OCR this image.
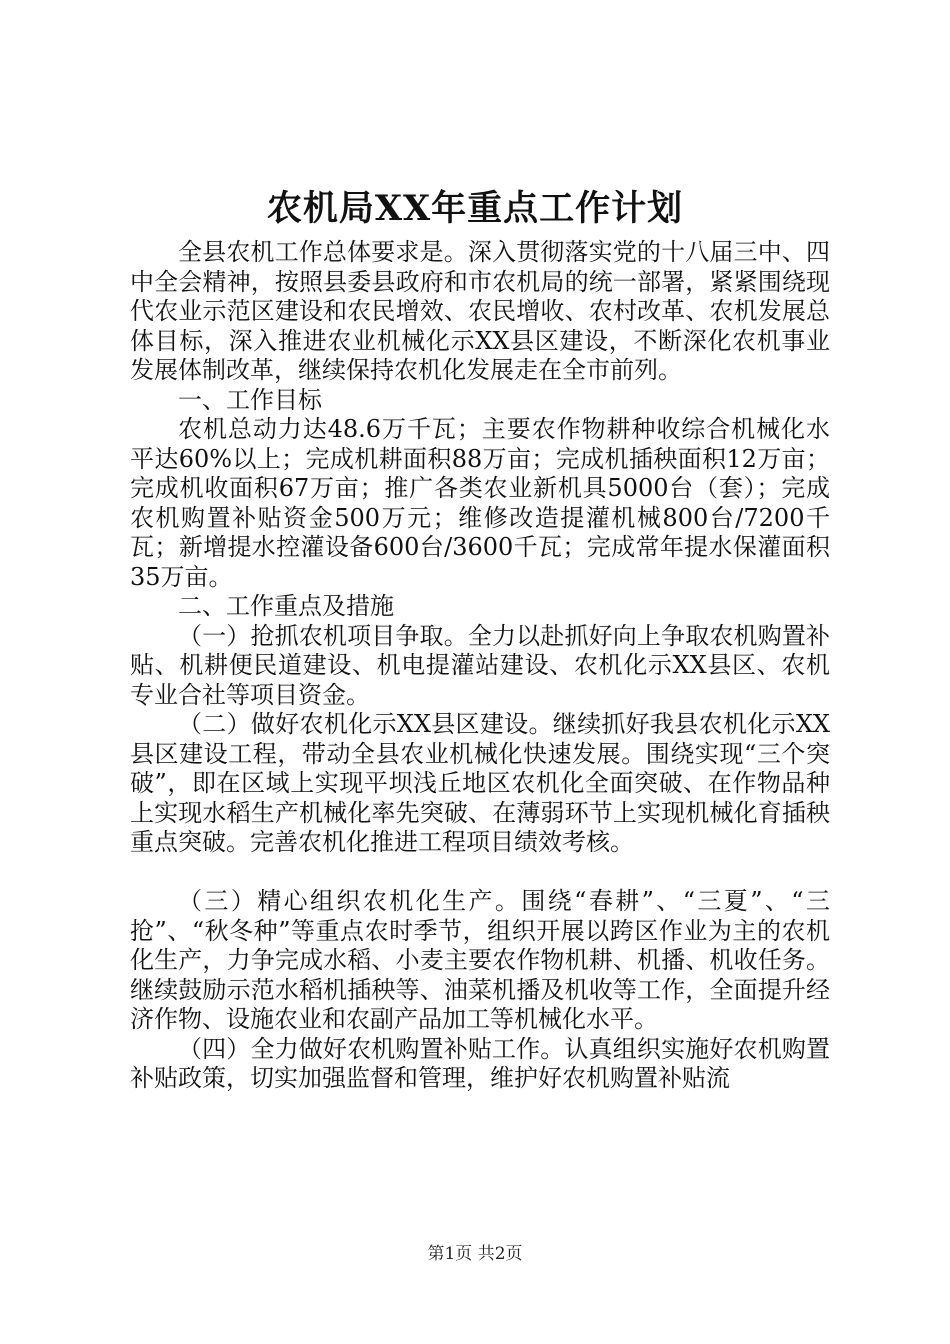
农机局XX年重点工作计划

全县农机工作总体要求是。深入贯彻落实党的十八届三中、四中全会精神，按照县委县政府和市农机局的统一部署，紧紧围绕现代农业示范区建设和农民增效、农民增收、农村改革、农机发展总体目标，深入推进农业机械化示XX县区建设，不断深化农机事业发展体制改革，继续保持农机化发展走在全市前列。

一、工作目标

农机总动力达48.6万千瓦；主要农作物耕种收综合机械化水平达60%以上；完成机耕面积88万亩；完成机插秧面积12万亩；完成机收面积67万亩；推广各类农业新机具5000台（套）；完成农机购置补贴资金500万元；维修改造提灌机械800台/7200千瓦；新增提水控灌设备600台/3600千瓦；完成常年提水保灌面积35万亩。

二、工作重点及措施

（一）抢抓农机项目争取。全力以赴抓好向上争取农机购置补贴、机耕便民道建设、机电提灌站建设、农机化示XX县区、农机专业合社等项目资金。

（二）做好农机化示XX县区建设。继续抓好我县农机化示XX县区建设工程，带动全县农业机械化快速发展。围绕实现“三个突破”，即在区域上实现平坝浅丘地区农机化全面突破、在作物品种上实现水稻生产机械化率先突破、在薄弱环节上实现机械化育插秧重点突破。完善农机化推进工程项目绩效考核。

（三）精心组织农机化生产。围绕“春耕”、“三夏”、“三抢”、“秋冬种”等重点农时季节，组织开展以跨区作业为主的农机化生产，力争完成水稻、小麦主要农作物机耕、机播、机收任务。继续鼓励示范水稻机插秧等、油菜机播及机收等工作，全面提升经济作物、设施农业和农副产品加工等机械化水平。

（四）全力做好农机购置补贴工作。认真组织实施好农机购置补贴政策，切实加强监督和管理，维护好农机购置补贴流

第1页 共2页
